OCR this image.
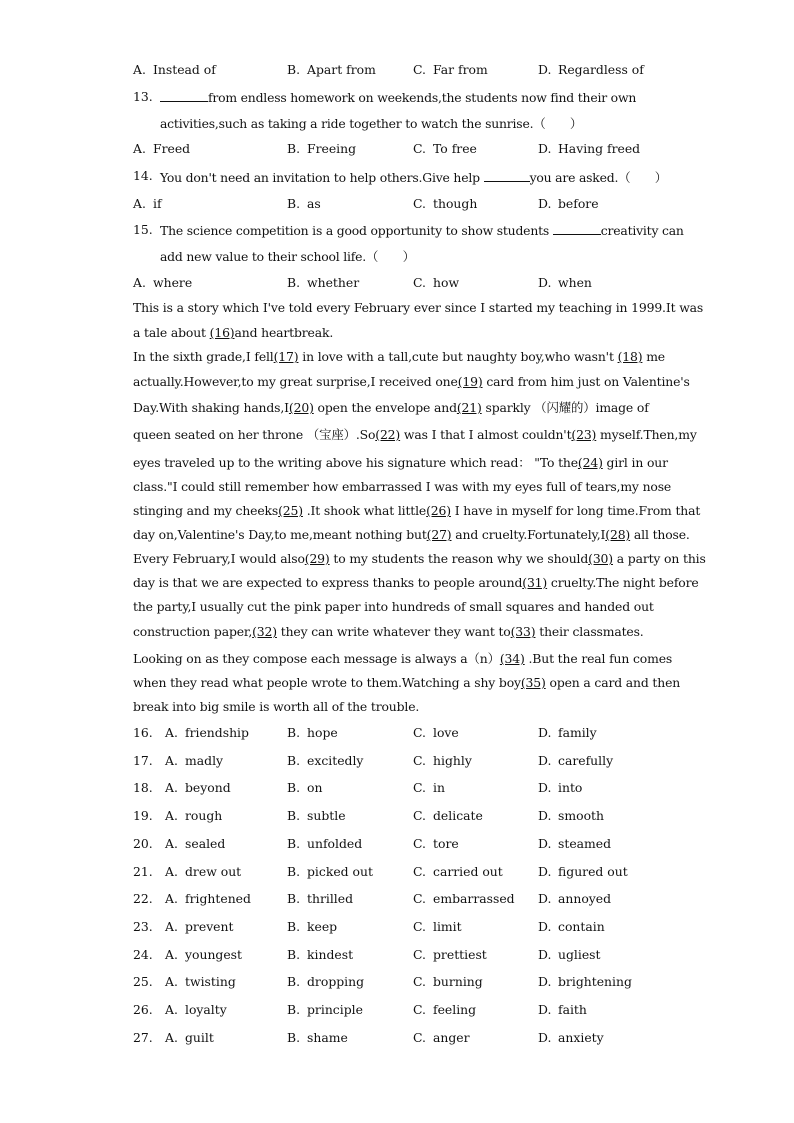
A. Instead of	B. Apart from	C. Far from	D. Regardless of
13.	from endless homework on weekends,the students now find their own
activities,such as taking a ride together to watch the sunrise.（　　）
A. Freed	B. Freeing	C. To free	D. Having freed
14. You don't need an invitation to help others.Give help	you are asked.（　　）
A. if	B. as	C. though	D. before
15. The science competition is a good opportunity to show students	creativity can
add new value to their school life.（　　）
A. where	B. whether	C. how	D. when
This is a story which I've told every February ever since I started my teaching in 1999.It was
a tale about (16)and heartbreak.
In the sixth grade,I fell(17) in love with a tall,cute but naughty boy,who wasn't (18) me
actually.However,to my great surprise,I received one(19) card from him just on Valentine's
Day.With shaking hands,I(20) open the envelope and(21) sparkly （闪耀的）image of
queen seated on her throne （宝座）.So(22) was I that I almost couldn't(23) myself.Then,my
eyes traveled up to the writing above his signature which read： "To the(24) girl in our
class."I could still remember how embarrassed I was with my eyes full of tears,my nose
stinging and my cheeks(25) .It shook what little(26) I have in myself for long time.From that
day on,Valentine's Day,to me,meant nothing but(27) and cruelty.Fortunately,I(28) all those.
Every February,I would also(29) to my students the reason why we should(30) a party on this
day is that we are expected to express thanks to people around(31) cruelty.The night before
the party,I usually cut the pink paper into hundreds of small squares and handed out
construction paper,(32) they can write whatever they want to(33) their classmates.
Looking on as they compose each message is always a（n）(34) .But the real fun comes
when they read what people wrote to them.Watching a shy boy(35) open a card and then
break into big smile is worth all of the trouble.
16. A. friendship	B. hope	C. love	D. family
17. A. madly	B. excitedly	C. highly	D. carefully
18. A. beyond	B. on	C. in	D. into
19. A. rough	B. subtle	C. delicate	D. smooth
20. A. sealed	B. unfolded	C. tore	D. steamed
21. A. drew out	B. picked out	C. carried out	D. figured out
22. A. frightened	B. thrilled	C. embarrassed D. annoyed
23. A. prevent	B. keep	C. limit	D. contain
24. A. youngest	B. kindest	C. prettiest	D. ugliest
25. A. twisting	B. dropping	C. burning	D. brightening
26. A. loyalty	B. principle	C. feeling	D. faith
27. A. guilt	B. shame	C. anger	D. anxiety
